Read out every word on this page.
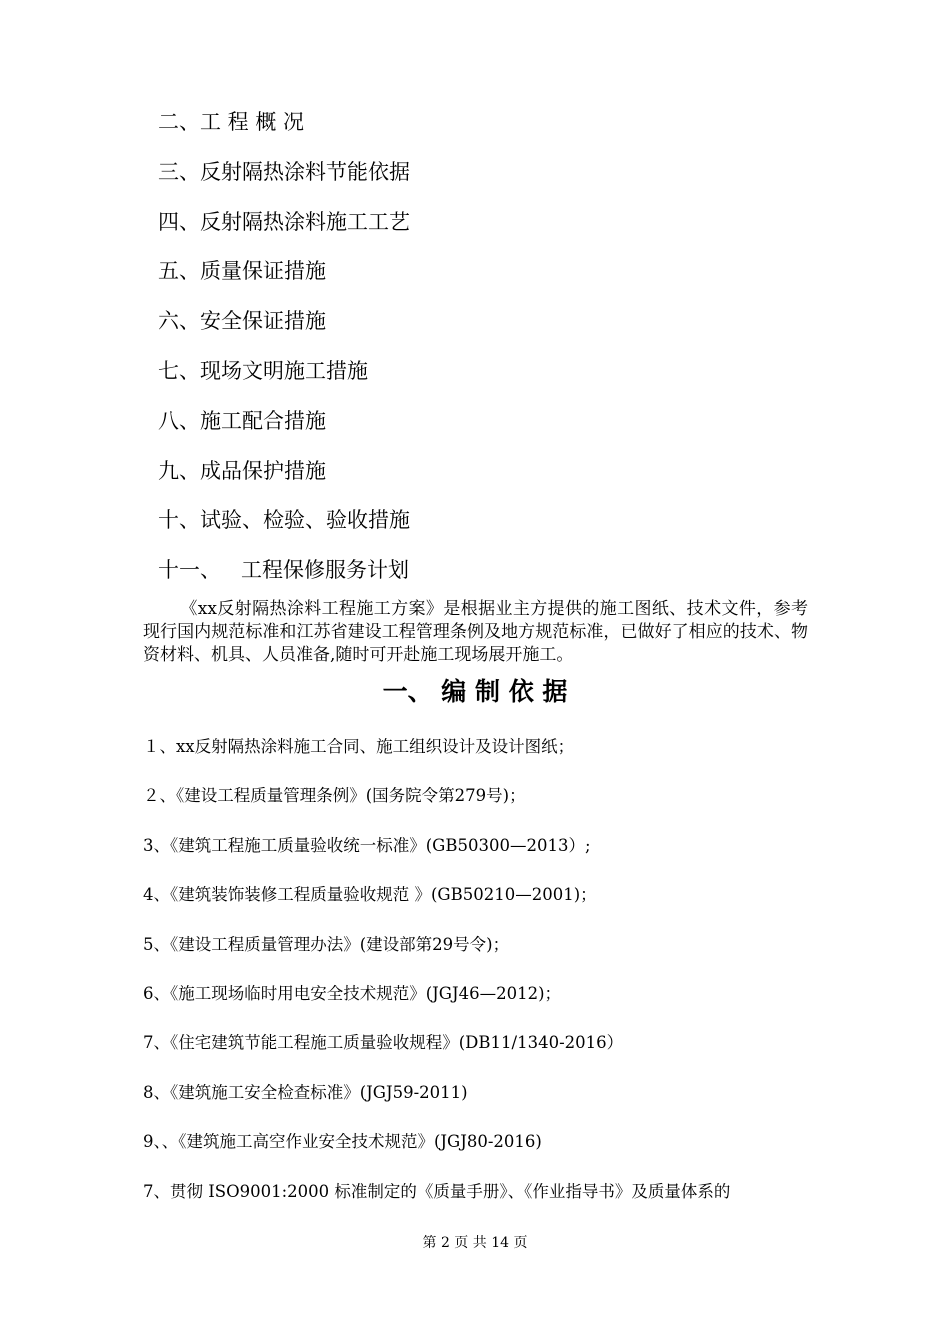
二、工 程 概 况
三、反射隔热涂料节能依据
四、反射隔热涂料施工工艺
五、质量保证措施
六、安全保证措施
七、现场文明施工措施
八、施工配合措施
九、成品保护措施
十、试验、检验、验收措施
十一、   工程保修服务计划

《xx反射隔热涂料工程施工方案》是根据业主方提供的施工图纸、技术文件，参考现行国内规范标准和江苏省建设工程管理条例及地方规范标准，已做好了相应的技术、物资材料、机具、人员准备,随时可开赴施工现场展开施工。

一、 编 制 依 据
１、xx反射隔热涂料施工合同、施工组织设计及设计图纸；
２、《建设工程质量管理条例》(国务院令第279号)；
3、《建筑工程施工质量验收统一标准》(GB50300—2013）;
4、《建筑装饰装修工程质量验收规范 》(GB50210—2001)；
5、《建设工程质量管理办法》(建设部第29号令)；
6、《施工现场临时用电安全技术规范》(JGJ46—2012)；
7、《住宅建筑节能工程施工质量验收规程》(DB11/1340-2016）
8、《建筑施工安全检查标准》(JGJ59-2011)
9、、《建筑施工高空作业安全技术规范》(JGJ80-2016)
7、贯彻 ISO9001:2000 标准制定的《质量手册》、《作业指导书》及质量体系的
第 2 页 共 14 页
